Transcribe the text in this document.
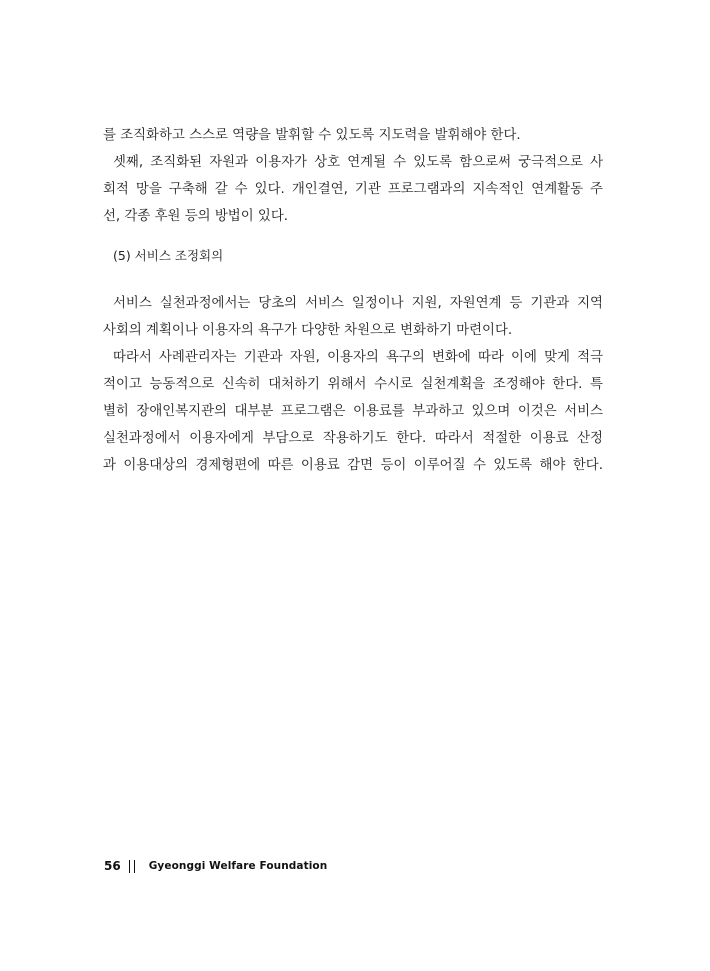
를 조직화하고 스스로 역량을 발휘할 수 있도록 지도력을 발휘해야 한다.
셋째, 조직화된 자원과 이용자가 상호 연계될 수 있도록 함으로써 궁극적으로 사
회적 망을 구축해 갈 수 있다. 개인결연, 기관 프로그램과의 지속적인 연계활동 주
선, 각종 후원 등의 방법이 있다.
(5) 서비스 조정회의
서비스 실천과정에서는 당초의 서비스 일정이나 지원, 자원연계 등 기관과 지역
사회의 계획이나 이용자의 욕구가 다양한 차원으로 변화하기 마련이다.
따라서 사례관리자는 기관과 자원, 이용자의 욕구의 변화에 따라 이에 맞게 적극
적이고 능동적으로 신속히 대처하기 위해서 수시로 실천계획을 조정해야 한다. 특
별히 장애인복지관의 대부분 프로그램은 이용료를 부과하고 있으며 이것은 서비스
실천과정에서 이용자에게 부담으로 작용하기도 한다. 따라서 적절한 이용료 산정
과 이용대상의 경제형편에 따른 이용료 감면 등이 이루어질 수 있도록 해야 한다.
56	Gyeonggi Welfare Foundation
